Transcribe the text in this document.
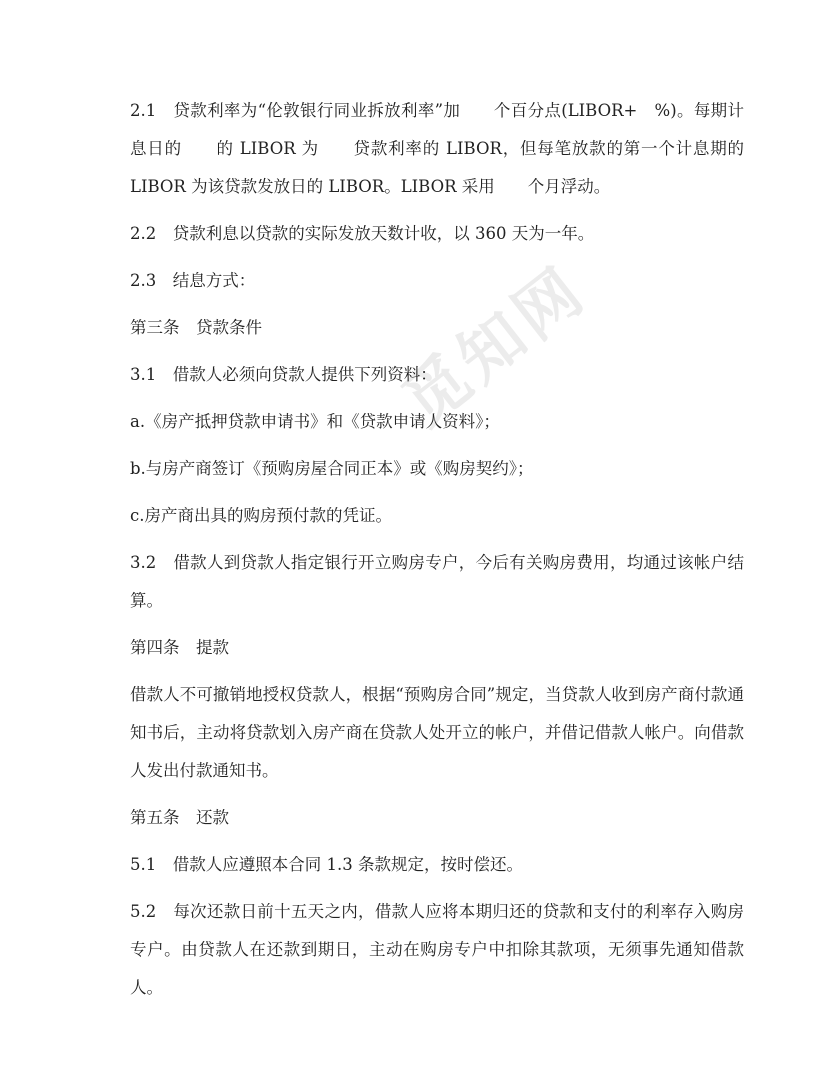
觅知网

2.1　贷款利率为“伦敦银行同业拆放利率”加　　个百分点(LIBOR+　%)。每期计息日的　　的 LIBOR 为　　贷款利率的 LIBOR，但每笔放款的第一个计息期的 LIBOR 为该贷款发放日的 LIBOR。LIBOR 采用　　个月浮动。

2.2　贷款利息以贷款的实际发放天数计收，以 360 天为一年。

2.3　结息方式：

第三条　贷款条件

3.1　借款人必须向贷款人提供下列资料：

a.《房产抵押贷款申请书》和《贷款申请人资料》；

b.与房产商签订《预购房屋合同正本》或《购房契约》；

c.房产商出具的购房预付款的凭证。

3.2　借款人到贷款人指定银行开立购房专户，今后有关购房费用，均通过该帐户结算。

第四条　提款

借款人不可撤销地授权贷款人，根据“预购房合同”规定，当贷款人收到房产商付款通知书后，主动将贷款划入房产商在贷款人处开立的帐户，并借记借款人帐户。向借款人发出付款通知书。

第五条　还款

5.1　借款人应遵照本合同 1.3 条款规定，按时偿还。

5.2　每次还款日前十五天之内，借款人应将本期归还的贷款和支付的利率存入购房专户。由贷款人在还款到期日，主动在购房专户中扣除其款项，无须事先通知借款人。
